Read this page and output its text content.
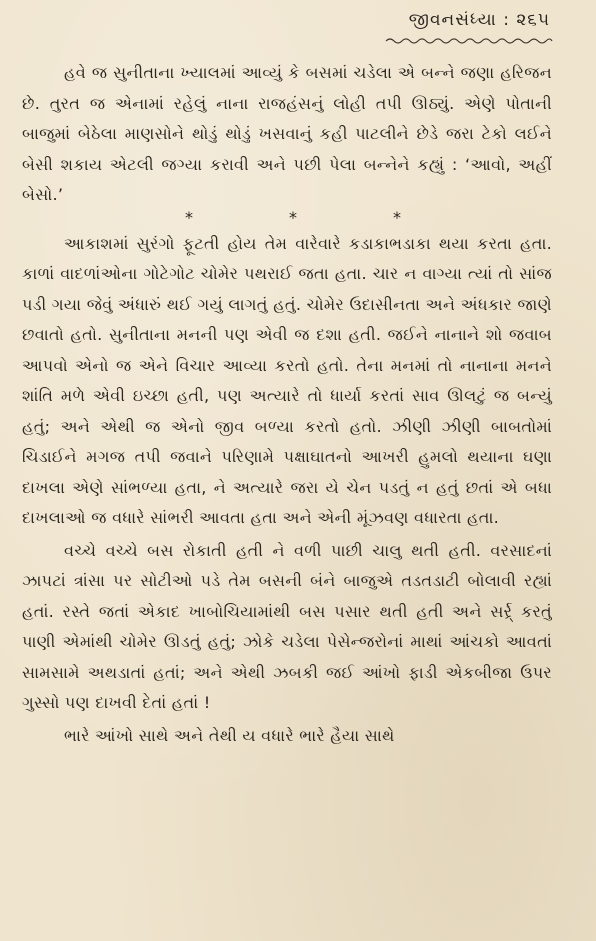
જીવનસંધ્યા : ૨૬૫

હવે જ સુનીતાના ખ્યાલમાં આવ્યું કે બસમાં ચડેલા એ બન્ને જણા હરિજન છે. તુરત જ એનામાં રહેલું નાના રાજહંસનું લોહી તપી ઊઠ્યું. એણે પોતાની બાજુમાં બેઠેલા માણસોને થોડું થોડું ખસવાનું કહી પાટલીને છેડે જરા ટેકો લઈને બેસી શકાય એટલી જગ્યા કરાવી અને પછી પેલા બન્નેને કહ્યું : ‘આવો, અહીં બેસો.’

*	*	*

આકાશમાં સુરંગો ફૂટતી હોય તેમ વારેવારે કડાકાભડાકા થયા કરતા હતા. કાળાં વાદળાંઓના ગોટેગોટ ચોમેર પથરાઈ જતા હતા. ચાર ન વાગ્યા ત્યાં તો સાંજ પડી ગયા જેવું અંધારું થઈ ગયું લાગતું હતું. ચોમેર ઉદાસીનતા અને અંધકાર જાણે છવાતો હતો. સુનીતાના મનની પણ એવી જ દશા હતી. જઈને નાનાને શો જવાબ આપવો એનો જ એને વિચાર આવ્યા કરતો હતો. તેના મનમાં તો નાનાના મનને શાંતિ મળે એવી ઇચ્છા હતી, પણ અત્યારે તો ધાર્યા કરતાં સાવ ઊલટું જ બન્યું હતું; અને એથી જ એનો જીવ બળ્યા કરતો હતો. ઝીણી ઝીણી બાબતોમાં ચિડાઈને મગજ તપી જવાને પરિણામે પક્ષાઘાતનો આખરી હુમલો થયાના ઘણા દાખલા એણે સાંભળ્યા હતા, ને અત્યારે જરા યે ચેન પડતું ન હતું છતાં એ બધા દાખલાઓ જ વધારે સાંભરી આવતા હતા અને એની મૂંઝવણ વધારતા હતા.

વચ્ચે વચ્ચે બસ રોકાતી હતી ને વળી પાછી ચાલુ થતી હતી. વરસાદનાં ઝાપટાં ત્રાંસા પર સોટીઓ પડે તેમ બસની બંને બાજુએ તડતડાટી બોલાવી રહ્યાં હતાં. રસ્તે જતાં એકાદ ખાબોચિયામાંથી બસ પસાર થતી હતી અને સર્ર્ર્ કરતું પાણી એમાંથી ચોમેર ઊડતું હતું; ઝોકે ચડેલા પેસેન્જરોનાં માથાં આંચકો આવતાં સામસામે અથડાતાં હતાં; અને એથી ઝબકી જઈ આંખો ફાડી એકબીજા ઉપર ગુસ્સો પણ દાખવી દેતાં હતાં !

ભારે આંખો સાથે અને તેથી ય વધારે ભારે હૈયા સાથે
